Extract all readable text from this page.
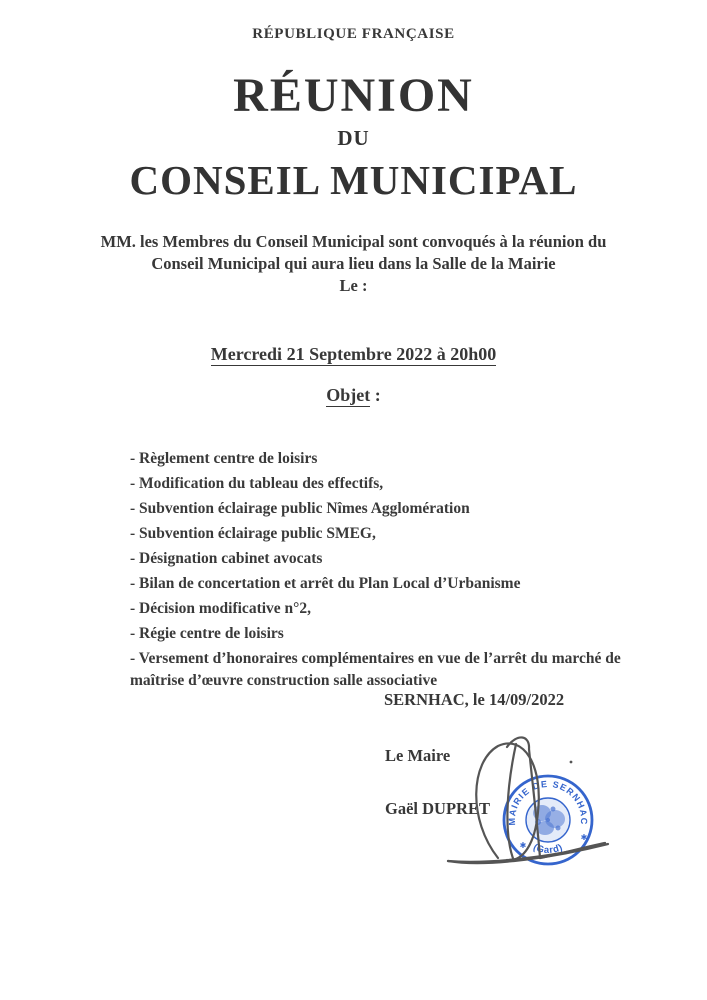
RÉPUBLIQUE FRANÇAISE
RÉUNION
DU
CONSEIL MUNICIPAL
MM. les Membres du Conseil Municipal sont convoqués à la réunion du Conseil Municipal qui aura lieu dans la Salle de la Mairie
Le :
Mercredi 21 Septembre 2022 à 20h00
Objet :
- Règlement centre de loisirs
- Modification du tableau des effectifs,
- Subvention éclairage public Nîmes Agglomération
- Subvention éclairage public SMEG,
- Désignation cabinet avocats
- Bilan de concertation et arrêt du Plan Local d’Urbanisme
- Décision modificative n°2,
- Régie centre de loisirs
- Versement d’honoraires complémentaires en vue de l’arrêt du marché de maîtrise d’œuvre construction salle associative
SERNHAC, le 14/09/2022
Le Maire
Gaël DUPRET
MAIRIE DE SERNHAC
(Gard)
✱
✱
